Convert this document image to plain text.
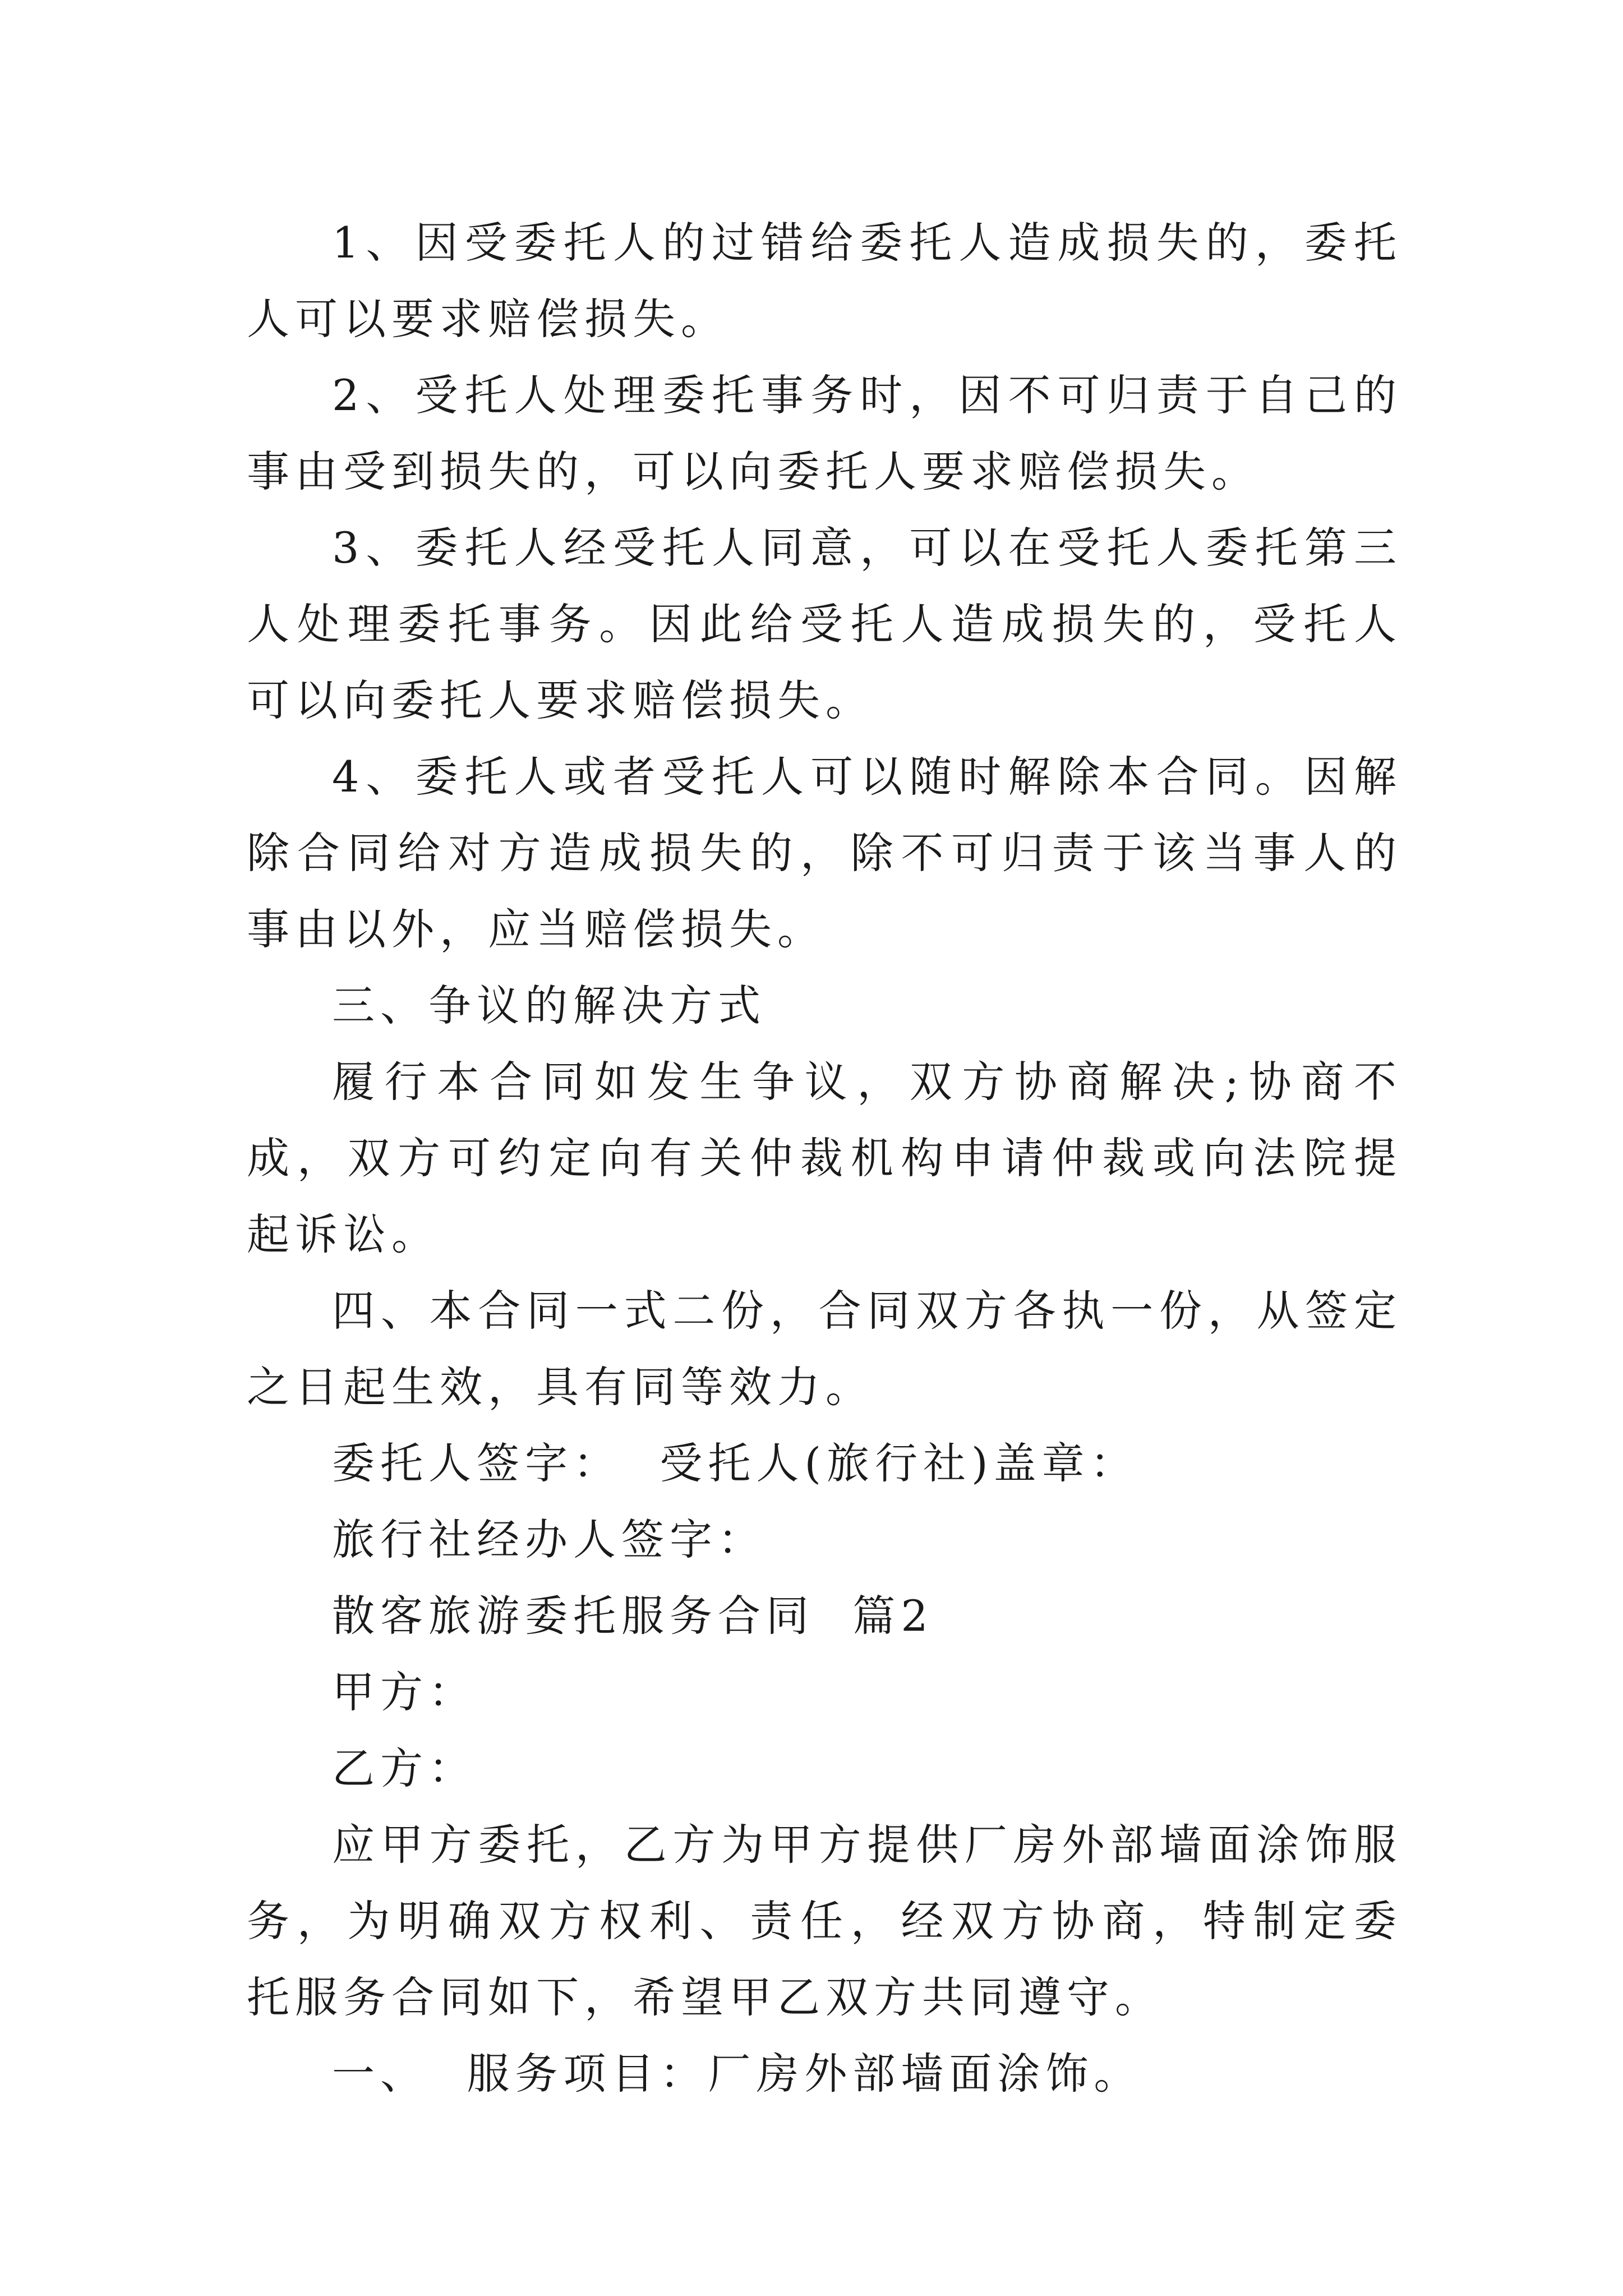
1、因受委托人的过错给委托人造成损失的，委托人可以要求赔偿损失。

2、受托人处理委托事务时，因不可归责于自己的事由受到损失的，可以向委托人要求赔偿损失。

3、委托人经受托人同意，可以在受托人委托第三人处理委托事务。因此给受托人造成损失的，受托人可以向委托人要求赔偿损失。

4、委托人或者受托人可以随时解除本合同。因解除合同给对方造成损失的，除不可归责于该当事人的事由以外，应当赔偿损失。

三、争议的解决方式

履行本合同如发生争议，双方协商解决;协商不成，双方可约定向有关仲裁机构申请仲裁或向法院提起诉讼。

四、本合同一式二份，合同双方各执一份，从签定之日起生效，具有同等效力。

委托人签字：  受托人(旅行社)盖章：

旅行社经办人签字：

散客旅游委托服务合同  篇2

甲方：

乙方：

应甲方委托，乙方为甲方提供厂房外部墙面涂饰服务，为明确双方权利、责任，经双方协商，特制定委托服务合同如下，希望甲乙双方共同遵守。

一、  服务项目：厂房外部墙面涂饰。
